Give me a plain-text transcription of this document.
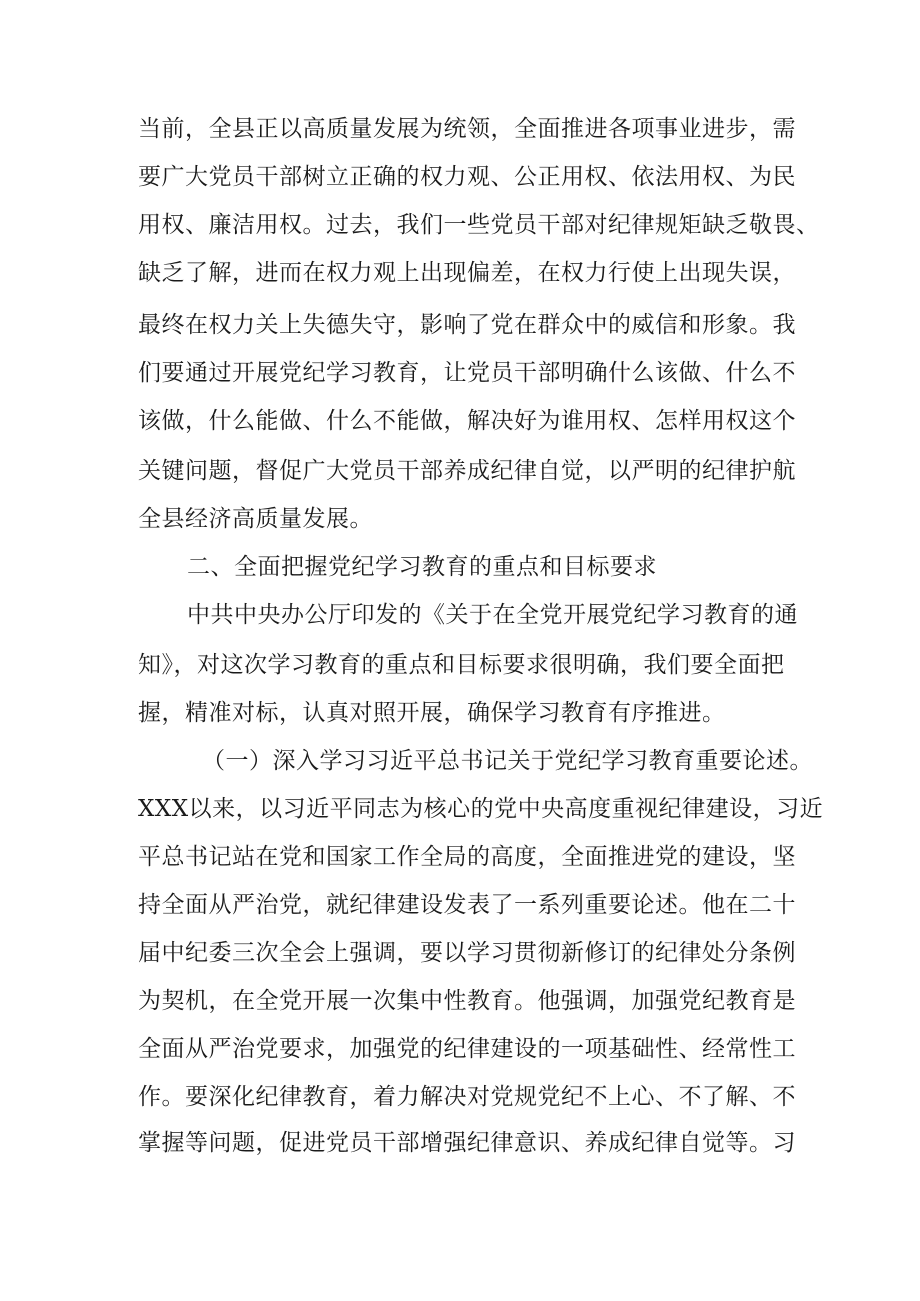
当前，全县正以高质量发展为统领，全面推进各项事业进步，需
要广大党员干部树立正确的权力观、公正用权、依法用权、为民
用权、廉洁用权。过去，我们一些党员干部对纪律规矩缺乏敬畏、
缺乏了解，进而在权力观上出现偏差，在权力行使上出现失误，
最终在权力关上失德失守，影响了党在群众中的威信和形象。我
们要通过开展党纪学习教育，让党员干部明确什么该做、什么不
该做，什么能做、什么不能做，解决好为谁用权、怎样用权这个
关键问题，督促广大党员干部养成纪律自觉，以严明的纪律护航
全县经济高质量发展。
二、全面把握党纪学习教育的重点和目标要求
中共中央办公厅印发的《关于在全党开展党纪学习教育的通
知》，对这次学习教育的重点和目标要求很明确，我们要全面把
握，精准对标，认真对照开展，确保学习教育有序推进。
（一）深入学习习近平总书记关于党纪学习教育重要论述。
XXX以来，以习近平同志为核心的党中央高度重视纪律建设，习近
平总书记站在党和国家工作全局的高度，全面推进党的建设，坚
持全面从严治党，就纪律建设发表了一系列重要论述。他在二十
届中纪委三次全会上强调，要以学习贯彻新修订的纪律处分条例
为契机，在全党开展一次集中性教育。他强调，加强党纪教育是
全面从严治党要求，加强党的纪律建设的一项基础性、经常性工
作。要深化纪律教育，着力解决对党规党纪不上心、不了解、不
掌握等问题，促进党员干部增强纪律意识、养成纪律自觉等。习
